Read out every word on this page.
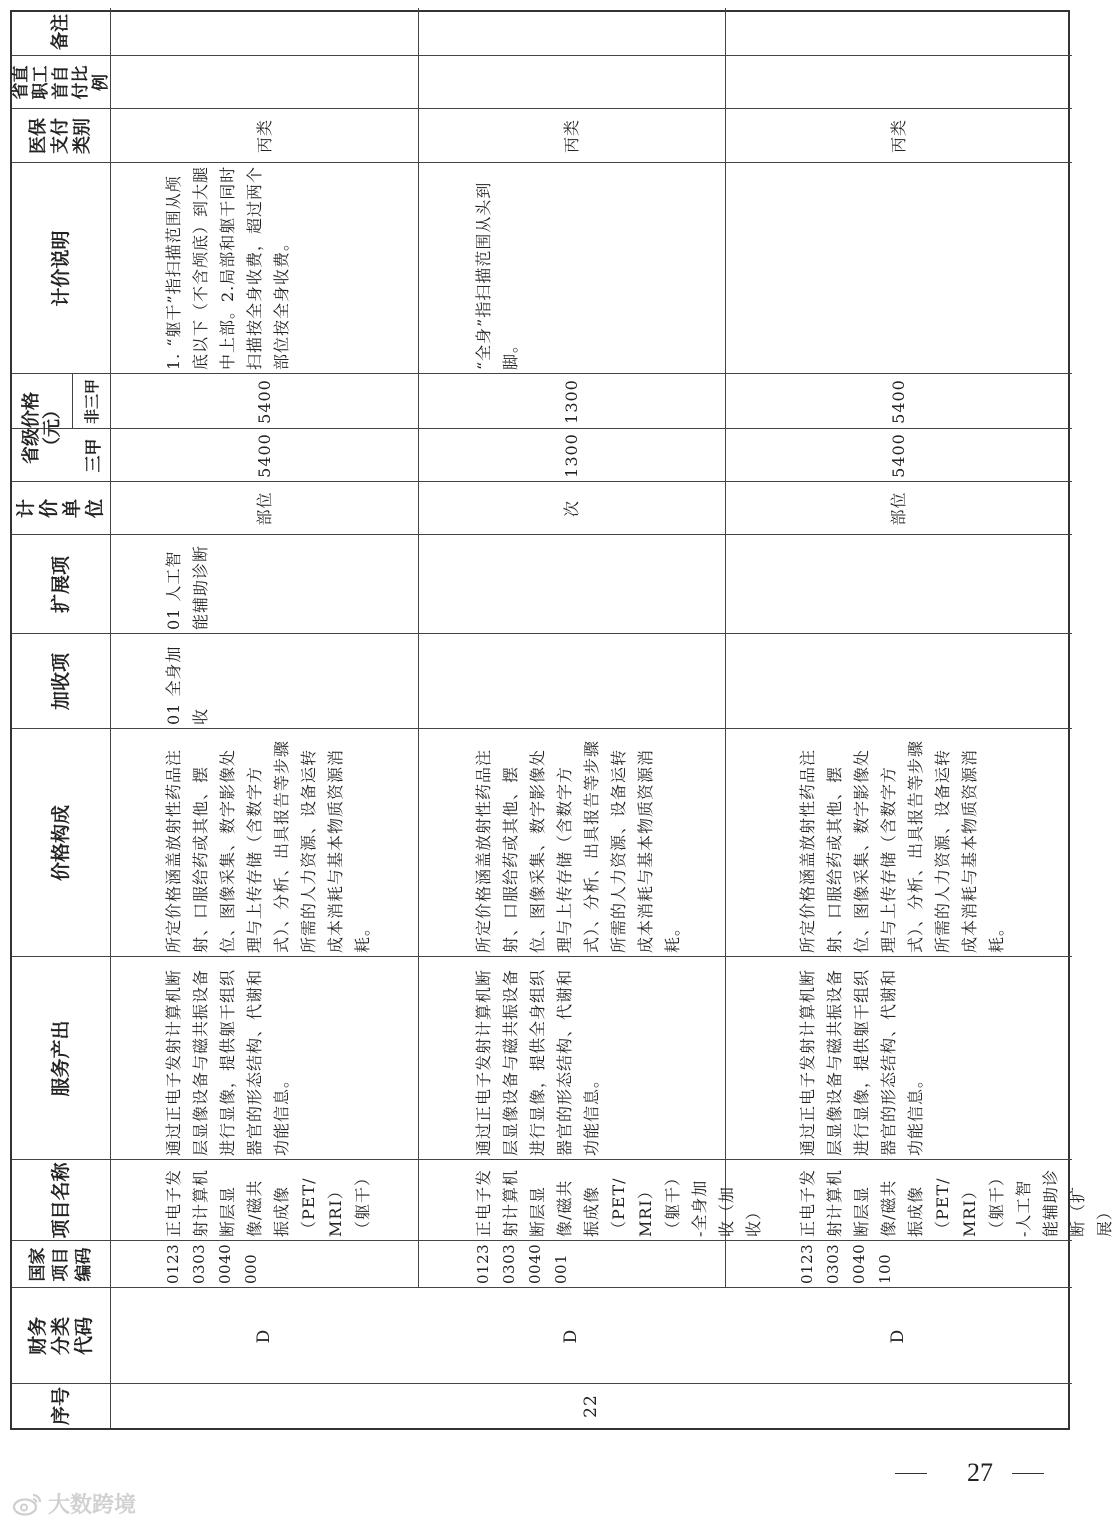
序号
财务分类代码
国家项目编码
项目名称
服务产出
价格构成
加收项
扩展项
计价单位
省级价格（元）
三甲
非三甲
计价说明
医保支付类别
省直职工首自付比例
备注
22
D
012303030040000
正电子发射计算机断层显像/磁共振成像（PET/MRI）（躯干）
通过正电子发射计算机断层显像设备与磁共振设备进行显像，提供躯干组织器官的形态结构、代谢和功能信息。
所定价格涵盖放射性药品注射、口服给药或其他、摆位、图像采集、数字影像处理与上传存储（含数字方式）、分析、出具报告等步骤所需的人力资源、设备运转成本消耗与基本物质资源消耗。
01 全身加收
01 人工智能辅助诊断
部位
5400
5400
1. “躯干”指扫描范围从颅底以下（不含颅底）到大腿中上部。2.局部和躯干同时扫描按全身收费，超过两个部位按全身收费。
丙类
D
012303030040001
正电子发射计算机断层显像/磁共振成像（PET/MRI）（躯干）-全身加收（加收）
通过正电子发射计算机断层显像设备与磁共振设备进行显像，提供全身组织器官的形态结构、代谢和功能信息。
所定价格涵盖放射性药品注射、口服给药或其他、摆位、图像采集、数字影像处理与上传存储（含数字方式）、分析、出具报告等步骤所需的人力资源、设备运转成本消耗与基本物质资源消耗。
次
1300
1300
“全身”指扫描范围从头到脚。
丙类
D
012303030040100
正电子发射计算机断层显像/磁共振成像（PET/MRI）（躯干）-人工智能辅助诊断（扩展）
通过正电子发射计算机断层显像设备与磁共振设备进行显像，提供躯干组织器官的形态结构、代谢和功能信息。
所定价格涵盖放射性药品注射、口服给药或其他、摆位、图像采集、数字影像处理与上传存储（含数字方式）、分析、出具报告等步骤所需的人力资源、设备运转成本消耗与基本物质资源消耗。
部位
5400
5400
丙类
27
大数跨境
